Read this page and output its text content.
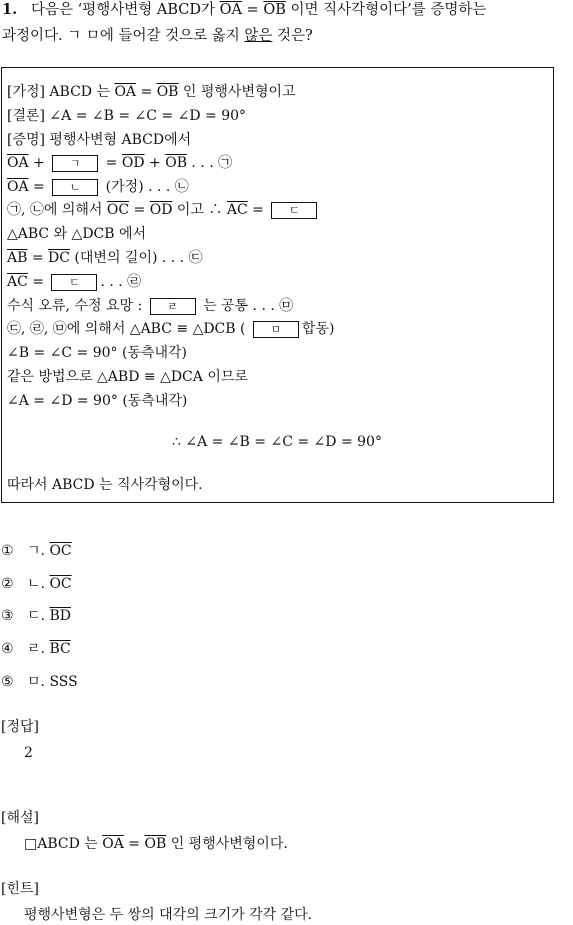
1. 다음은 ‘평행사변형 ABCD가 $\overline{OA} = \overline{OB}$ 이면 직사각형이다’를 증명하는
과정이다. ㄱ ㅁ에 들어갈 것으로 옳지 않은 것은?
[가정] ABCD 는 $\overline{OA} = \overline{OB}$ 인 평행사변형이고
[결론] ∠A = ∠B = ∠C = ∠D = 90°
[증명] 평행사변형 ABCD에서
$\overline{OA}$ + ㄱ = $\overline{OD} + \overline{OB}$ . . . ㉠
$\overline{OA}$ = ㄴ (가정) . . . ㉡
㉠, ㉡에 의해서 $\overline{OC} = \overline{OD}$ 이고 ∴ $\overline{AC}$ = ㄷ
△ABC 와 △DCB 에서
$\overline{AB} = \overline{DC}$ (대변의 길이) . . . ㉢
$\overline{AC}$ = ㄷ . . . ㉣
수식 오류, 수정 요망 : ㄹ 는 공통 . . . ㉤
㉢, ㉣, ㉤에 의해서 △ABC ≡ △DCB ( ㅁ 합동)
∠B = ∠C = 90° (동측내각)
같은 방법으로 △ABD ≡ △DCA 이므로
∠A = ∠D = 90° (동측내각)
∴ ∠A = ∠B = ∠C = ∠D = 90°
따라서 ABCD 는 직사각형이다.
① ㄱ. $\overline{OC}$
② ㄴ. $\overline{OC}$
③ ㄷ. $\overline{BD}$
④ ㄹ. $\overline{BC}$
⑤ ㅁ. SSS
[정답]
2
[해설]
□ABCD 는 $\overline{OA} = \overline{OB}$ 인 평행사변형이다.
[힌트]
평행사변형은 두 쌍의 대각의 크기가 각각 같다.
